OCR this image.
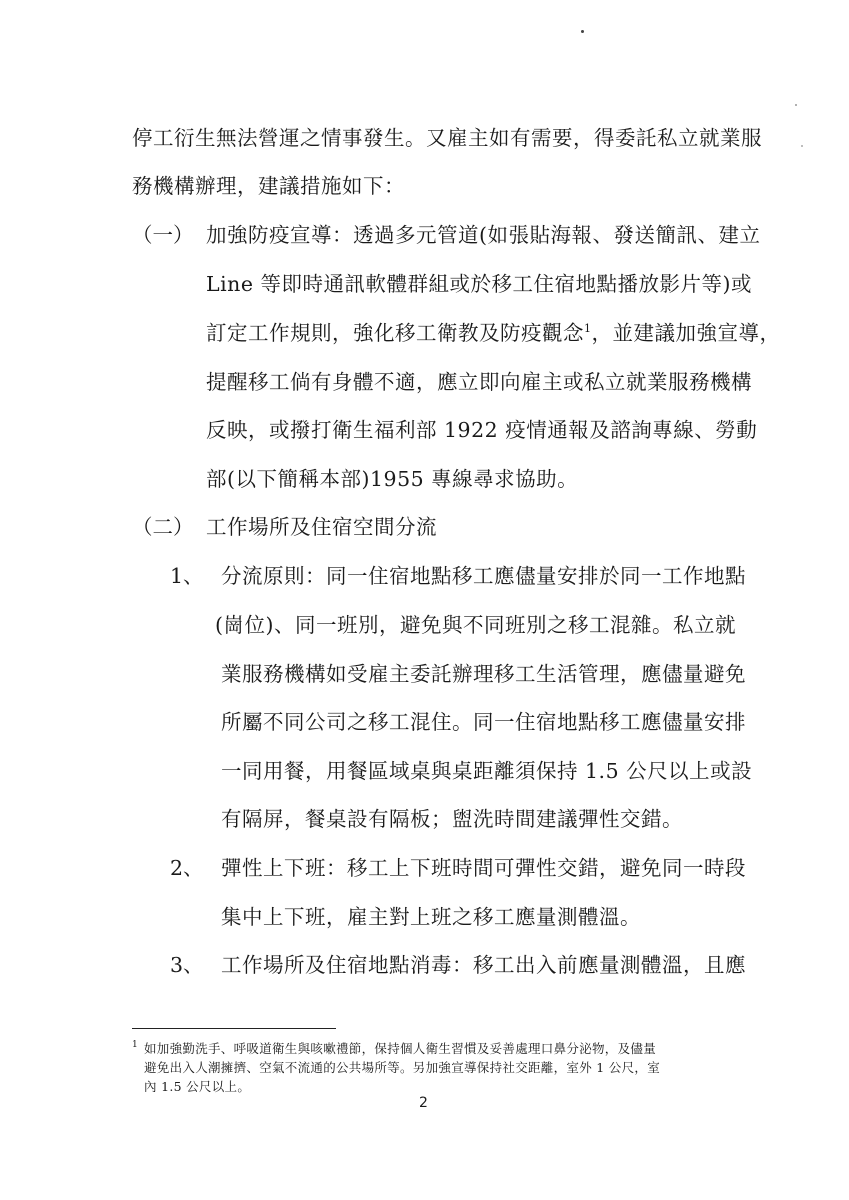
停工衍生無法營運之情事發生。又雇主如有需要，得委託私立就業服
務機構辦理，建議措施如下：
（一） 加強防疫宣導：透過多元管道(如張貼海報、發送簡訊、建立
Line 等即時通訊軟體群組或於移工住宿地點播放影片等)或
訂定工作規則，強化移工衛教及防疫觀念$^1$，並建議加強宣導，
提醒移工倘有身體不適，應立即向雇主或私立就業服務機構
反映，或撥打衛生福利部 1922 疫情通報及諮詢專線、勞動
部(以下簡稱本部)1955 專線尋求協助。
（二） 工作場所及住宿空間分流
1、 分流原則：同一住宿地點移工應儘量安排於同一工作地點
(崗位)、同一班別，避免與不同班別之移工混雜。私立就
業服務機構如受雇主委託辦理移工生活管理，應儘量避免
所屬不同公司之移工混住。同一住宿地點移工應儘量安排
一同用餐，用餐區域桌與桌距離須保持 1.5 公尺以上或設
有隔屏，餐桌設有隔板；盥洗時間建議彈性交錯。
2、 彈性上下班：移工上下班時間可彈性交錯，避免同一時段
集中上下班，雇主對上班之移工應量測體溫。
3、 工作場所及住宿地點消毒：移工出入前應量測體溫，且應
1 如加強勤洗手、呼吸道衛生與咳嗽禮節，保持個人衛生習慣及妥善處理口鼻分泌物，及儘量
避免出入人潮擁擠、空氣不流通的公共場所等。另加強宣導保持社交距離，室外 1 公尺，室
內 1.5 公尺以上。
2
